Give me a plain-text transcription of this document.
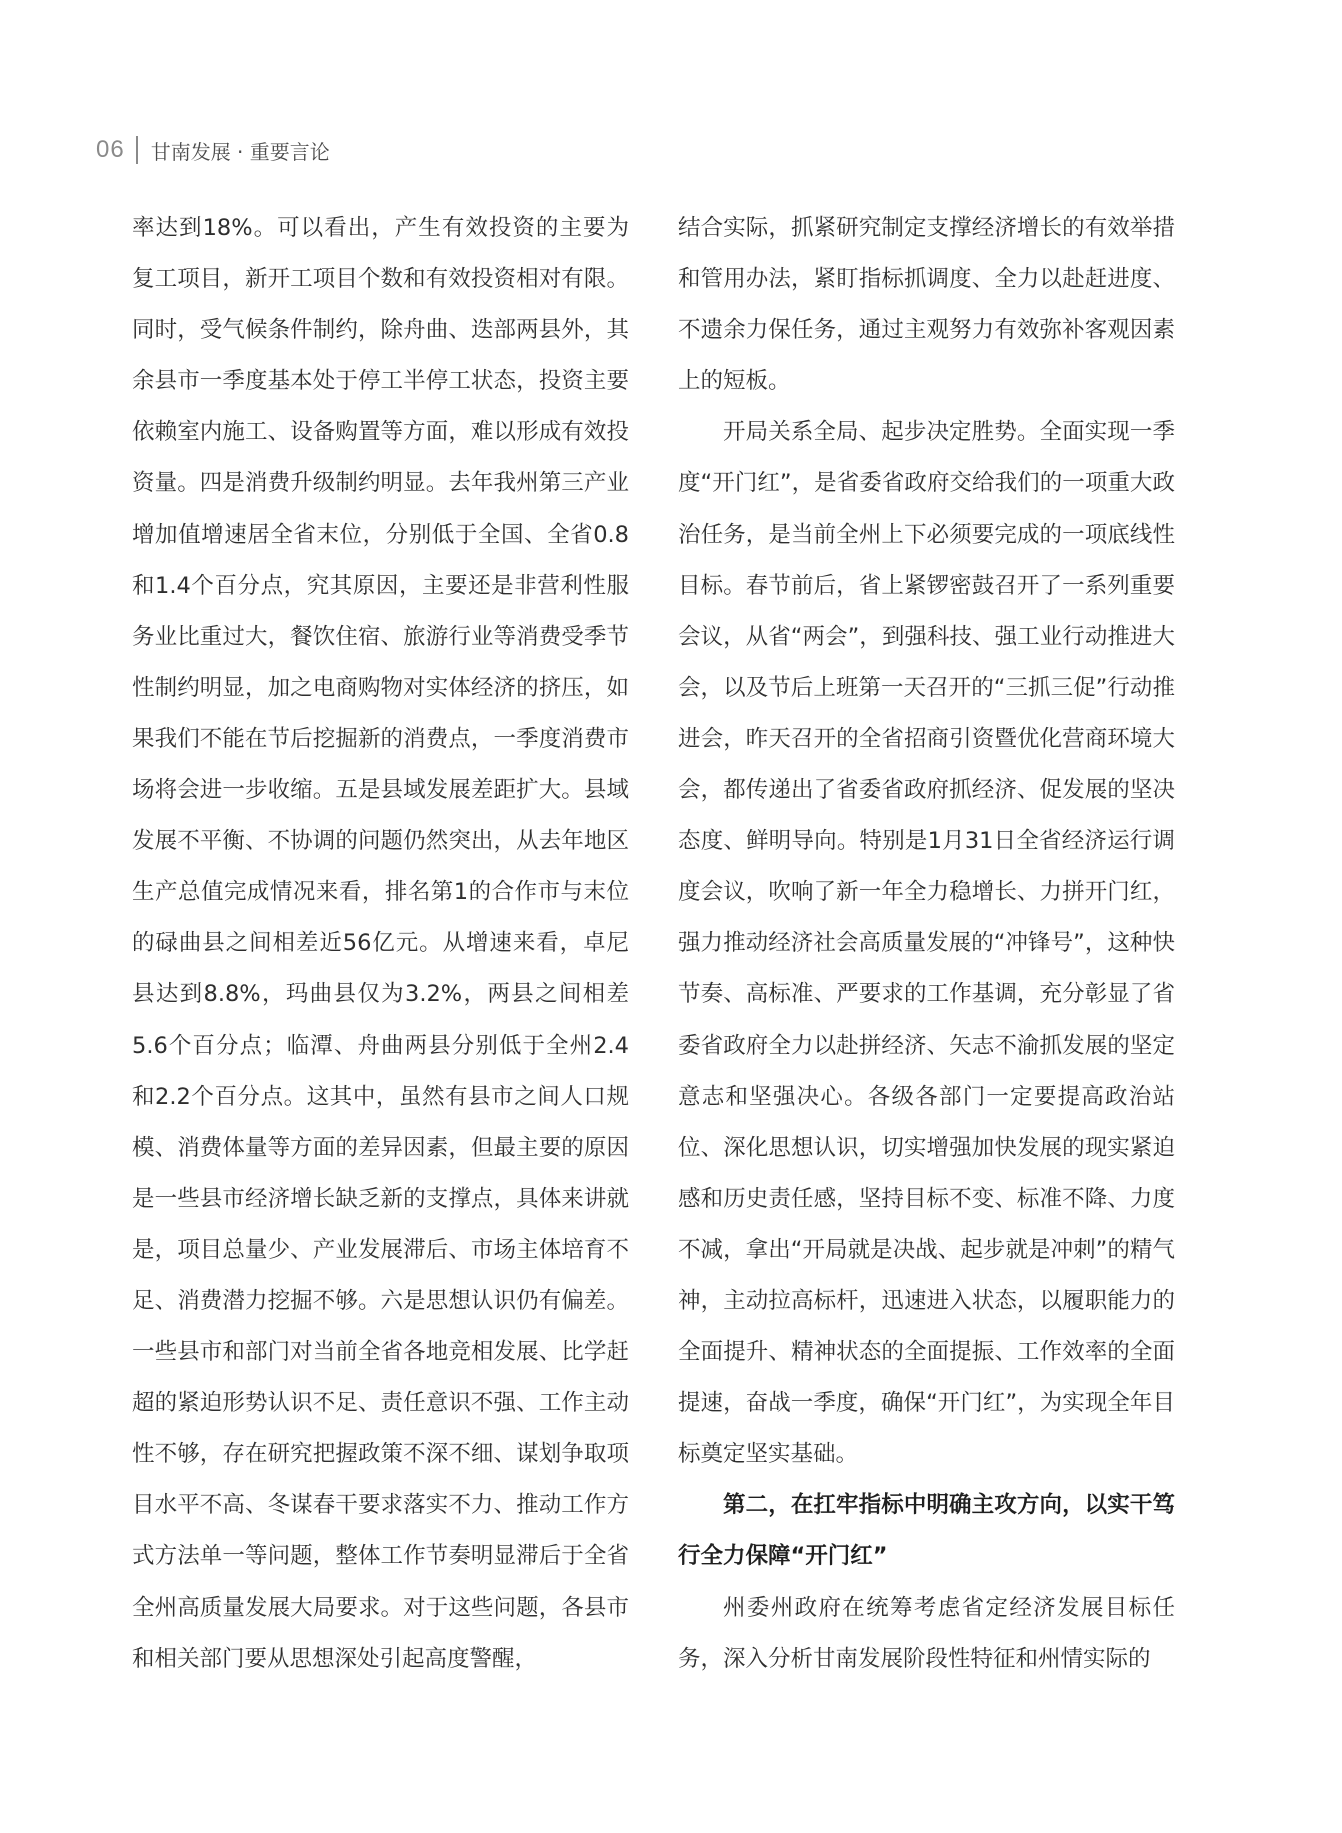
06 甘南发展 · 重要言论

率达到18%。可以看出，产生有效投资的主要为复工项目，新开工项目个数和有效投资相对有限。同时，受气候条件制约，除舟曲、迭部两县外，其余县市一季度基本处于停工半停工状态，投资主要依赖室内施工、设备购置等方面，难以形成有效投资量。四是消费升级制约明显。去年我州第三产业增加值增速居全省末位，分别低于全国、全省0.8和1.4个百分点，究其原因，主要还是非营利性服务业比重过大，餐饮住宿、旅游行业等消费受季节性制约明显，加之电商购物对实体经济的挤压，如果我们不能在节后挖掘新的消费点，一季度消费市场将会进一步收缩。五是县域发展差距扩大。县域发展不平衡、不协调的问题仍然突出，从去年地区生产总值完成情况来看，排名第1的合作市与末位的碌曲县之间相差近56亿元。从增速来看，卓尼县达到8.8%，玛曲县仅为3.2%，两县之间相差5.6个百分点；临潭、舟曲两县分别低于全州2.4和2.2个百分点。这其中，虽然有县市之间人口规模、消费体量等方面的差异因素，但最主要的原因是一些县市经济增长缺乏新的支撑点，具体来讲就是，项目总量少、产业发展滞后、市场主体培育不足、消费潜力挖掘不够。六是思想认识仍有偏差。一些县市和部门对当前全省各地竞相发展、比学赶超的紧迫形势认识不足、责任意识不强、工作主动性不够，存在研究把握政策不深不细、谋划争取项目水平不高、冬谋春干要求落实不力、推动工作方式方法单一等问题，整体工作节奏明显滞后于全省全州高质量发展大局要求。对于这些问题，各县市和相关部门要从思想深处引起高度警醒，

结合实际，抓紧研究制定支撑经济增长的有效举措和管用办法，紧盯指标抓调度、全力以赴赶进度、不遗余力保任务，通过主观努力有效弥补客观因素上的短板。

开局关系全局、起步决定胜势。全面实现一季度“开门红”，是省委省政府交给我们的一项重大政治任务，是当前全州上下必须要完成的一项底线性目标。春节前后，省上紧锣密鼓召开了一系列重要会议，从省“两会”，到强科技、强工业行动推进大会，以及节后上班第一天召开的“三抓三促”行动推进会，昨天召开的全省招商引资暨优化营商环境大会，都传递出了省委省政府抓经济、促发展的坚决态度、鲜明导向。特别是1月31日全省经济运行调度会议，吹响了新一年全力稳增长、力拼开门红，强力推动经济社会高质量发展的“冲锋号”，这种快节奏、高标准、严要求的工作基调，充分彰显了省委省政府全力以赴拼经济、矢志不渝抓发展的坚定意志和坚强决心。各级各部门一定要提高政治站位、深化思想认识，切实增强加快发展的现实紧迫感和历史责任感，坚持目标不变、标准不降、力度不减，拿出“开局就是决战、起步就是冲刺”的精气神，主动拉高标杆，迅速进入状态，以履职能力的全面提升、精神状态的全面提振、工作效率的全面提速，奋战一季度，确保“开门红”，为实现全年目标奠定坚实基础。

第二，在扛牢指标中明确主攻方向，以实干笃行全力保障“开门红”

州委州政府在统筹考虑省定经济发展目标任务，深入分析甘南发展阶段性特征和州情实际的
